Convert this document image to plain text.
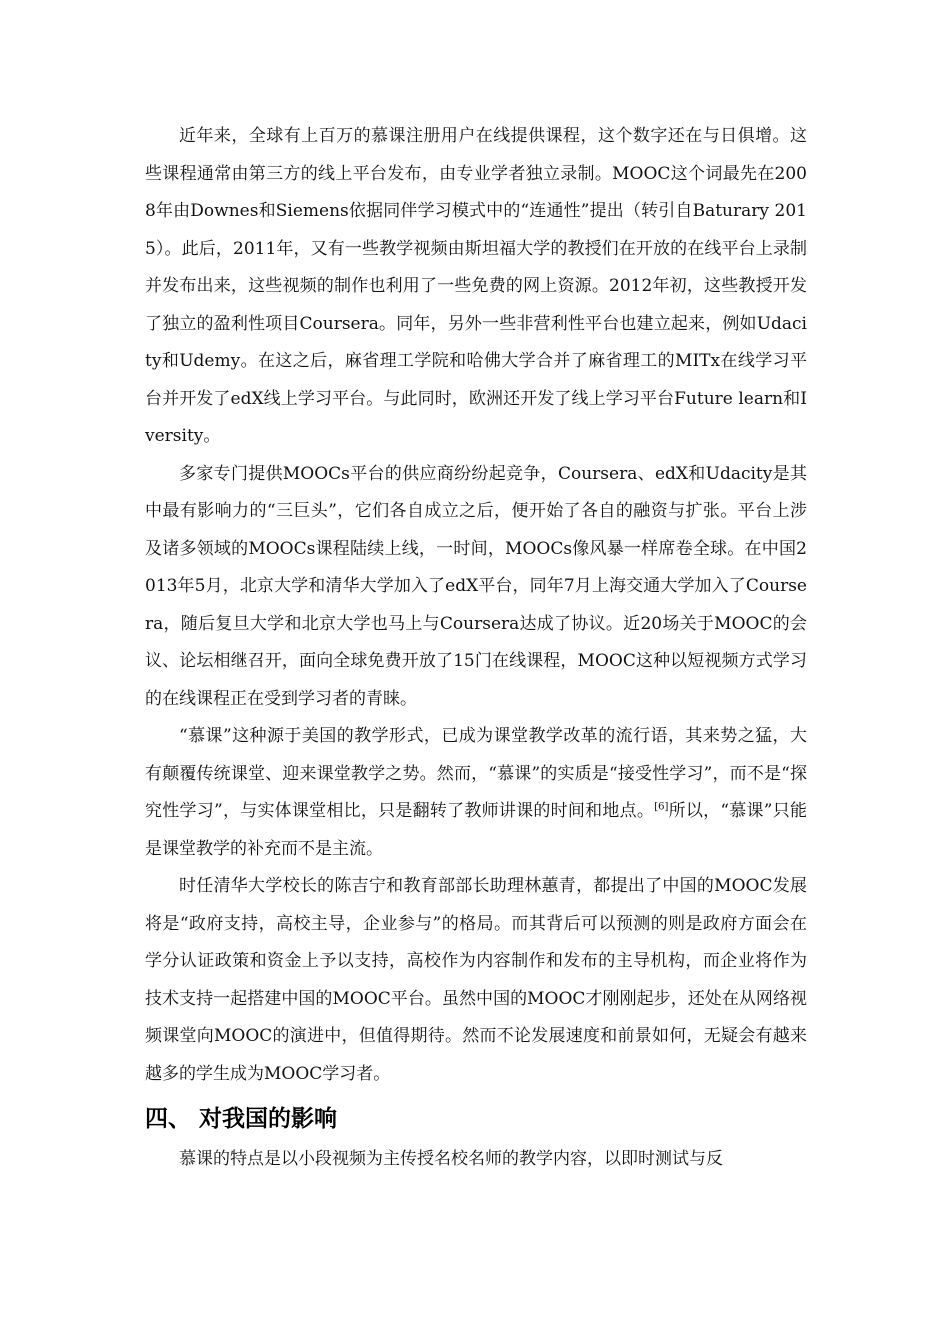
近年来，全球有上百万的慕课注册用户在线提供课程，这个数字还在与日俱增。这些课程通常由第三方的线上平台发布，由专业学者独立录制。MOOC这个词最先在2008年由Downes和Siemens依据同伴学习模式中的“连通性”提出（转引自Baturary 2015）。此后，2011年，又有一些教学视频由斯坦福大学的教授们在开放的在线平台上录制并发布出来，这些视频的制作也利用了一些免费的网上资源。2012年初，这些教授开发了独立的盈利性项目Coursera。同年，另外一些非营利性平台也建立起来，例如Udacity和Udemy。在这之后，麻省理工学院和哈佛大学合并了麻省理工的MITx在线学习平台并开发了edX线上学习平台。与此同时，欧洲还开发了线上学习平台Future learn和Iversity。

多家专门提供MOOCs平台的供应商纷纷起竞争，Coursera、edX和Udacity是其中最有影响力的“三巨头”，它们各自成立之后，便开始了各自的融资与扩张。平台上涉及诸多领域的MOOCs课程陆续上线，一时间，MOOCs像风暴一样席卷全球。在中国2013年5月，北京大学和清华大学加入了edX平台，同年7月上海交通大学加入了Coursera，随后复旦大学和北京大学也马上与Coursera达成了协议。近20场关于MOOC的会议、论坛相继召开，面向全球免费开放了15门在线课程，MOOC这种以短视频方式学习的在线课程正在受到学习者的青睐。

“慕课”这种源于美国的教学形式，已成为课堂教学改革的流行语，其来势之猛，大有颠覆传统课堂、迎来课堂教学之势。然而，“慕课”的实质是“接受性学习”，而不是“探究性学习”，与实体课堂相比，只是翻转了教师讲课的时间和地点。[6]所以，“慕课”只能是课堂教学的补充而不是主流。

时任清华大学校长的陈吉宁和教育部部长助理林蕙青，都提出了中国的MOOC发展将是“政府支持，高校主导，企业参与”的格局。而其背后可以预测的则是政府方面会在学分认证政策和资金上予以支持，高校作为内容制作和发布的主导机构，而企业将作为技术支持一起搭建中国的MOOC平台。虽然中国的MOOC才刚刚起步，还处在从网络视频课堂向MOOC的演进中，但值得期待。然而不论发展速度和前景如何，无疑会有越来越多的学生成为MOOC学习者。

四、 对我国的影响

慕课的特点是以小段视频为主传授名校名师的教学内容，以即时测试与反
